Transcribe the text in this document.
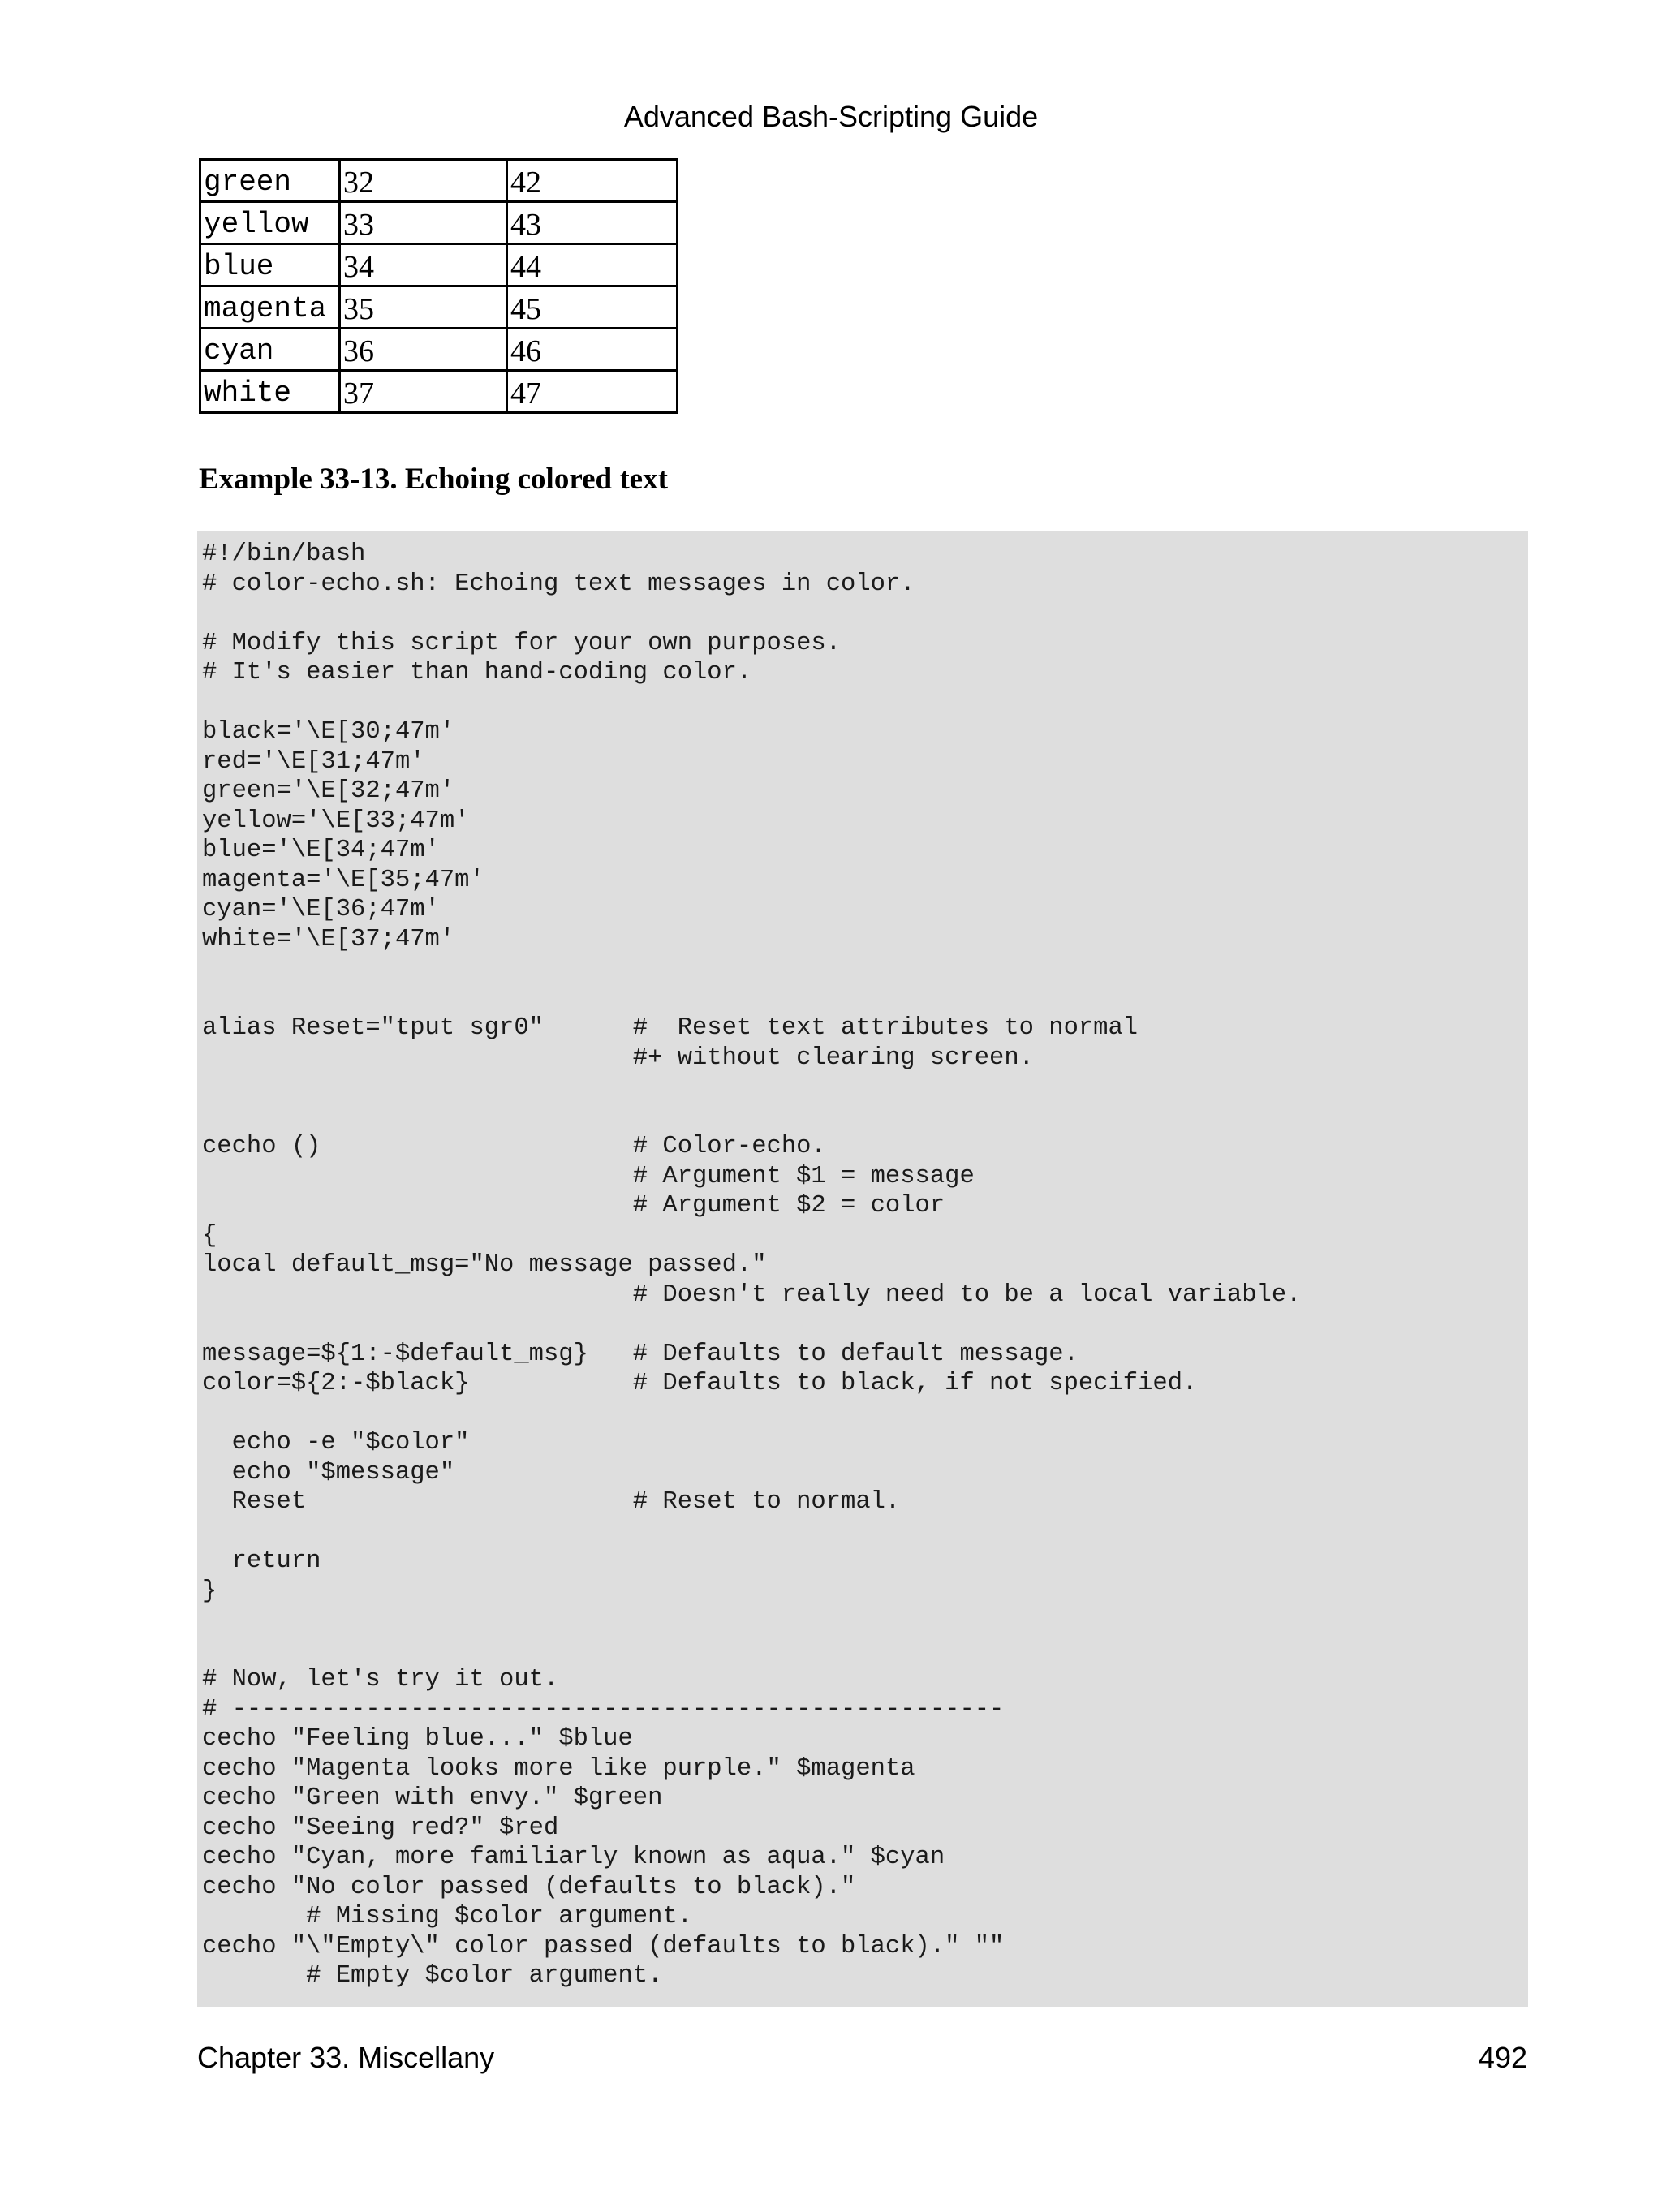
Advanced Bash-Scripting Guide
green	32	42
yellow	33	43
blue	34	44
magenta	35	45
cyan	36	46
white	37	47
Example 33-13. Echoing colored text
#!/bin/bash
# color-echo.sh: Echoing text messages in color.

# Modify this script for your own purposes.
# It's easier than hand-coding color.

black='\E[30;47m'
red='\E[31;47m'
green='\E[32;47m'
yellow='\E[33;47m'
blue='\E[34;47m'
magenta='\E[35;47m'
cyan='\E[36;47m'
white='\E[37;47m'

alias Reset="tput sgr0"      #  Reset text attributes to normal
#+ without clearing screen.

cecho ()                     # Color-echo.
# Argument $1 = message
# Argument $2 = color
{
local default_msg="No message passed."
# Doesn't really need to be a local variable.

message=${1:-$default_msg}   # Defaults to default message.
color=${2:-$black}           # Defaults to black, if not specified.

echo -e "$color"
echo "$message"
Reset                      # Reset to normal.

return
}

# Now, let's try it out.
# ----------------------------------------------------
cecho "Feeling blue..." $blue
cecho "Magenta looks more like purple." $magenta
cecho "Green with envy." $green
cecho "Seeing red?" $red
cecho "Cyan, more familiarly known as aqua." $cyan
cecho "No color passed (defaults to black)."
# Missing $color argument.
cecho "\"Empty\" color passed (defaults to black)." ""
# Empty $color argument.
Chapter 33. Miscellany	492
